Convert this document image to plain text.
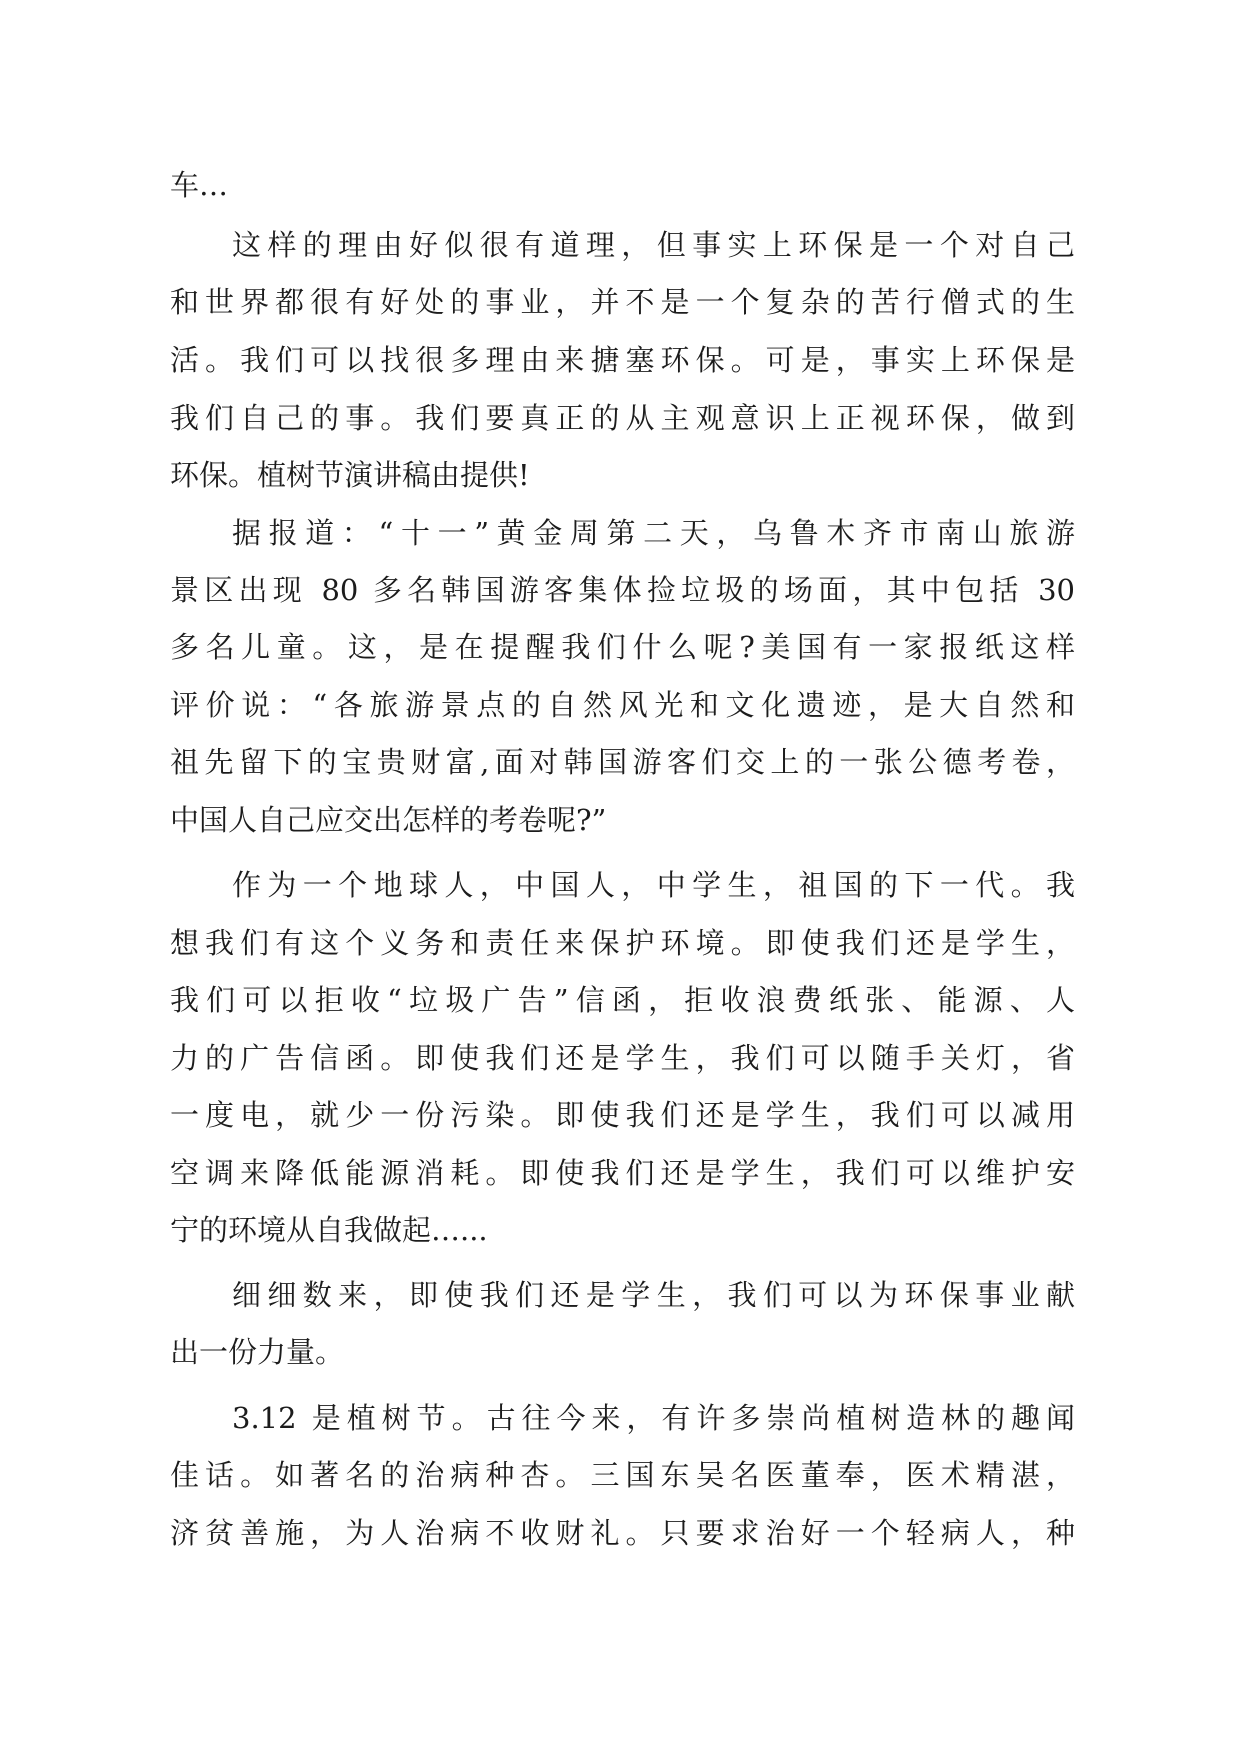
车…
这样的理由好似很有道理，但事实上环保是一个对自己
和世界都很有好处的事业，并不是一个复杂的苦行僧式的生
活。我们可以找很多理由来搪塞环保。可是，事实上环保是
我们自己的事。我们要真正的从主观意识上正视环保，做到
环保。植树节演讲稿由提供!
据报道：“十一”黄金周第二天，乌鲁木齐市南山旅游
景区出现 80 多名韩国游客集体捡垃圾的场面，其中包括 30
多名儿童。这，是在提醒我们什么呢?美国有一家报纸这样
评价说：“各旅游景点的自然风光和文化遗迹，是大自然和
祖先留下的宝贵财富,面对韩国游客们交上的一张公德考卷，
中国人自己应交出怎样的考卷呢?”
作为一个地球人，中国人，中学生，祖国的下一代。我
想我们有这个义务和责任来保护环境。即使我们还是学生，
我们可以拒收“垃圾广告”信函，拒收浪费纸张、能源、人
力的广告信函。即使我们还是学生，我们可以随手关灯，省
一度电，就少一份污染。即使我们还是学生，我们可以减用
空调来降低能源消耗。即使我们还是学生，我们可以维护安
宁的环境从自我做起…...
细细数来，即使我们还是学生，我们可以为环保事业献
出一份力量。
3.12 是植树节。古往今来，有许多崇尚植树造林的趣闻
佳话。如著名的治病种杏。三国东吴名医董奉，医术精湛，
济贫善施，为人治病不收财礼。只要求治好一个轻病人，种
